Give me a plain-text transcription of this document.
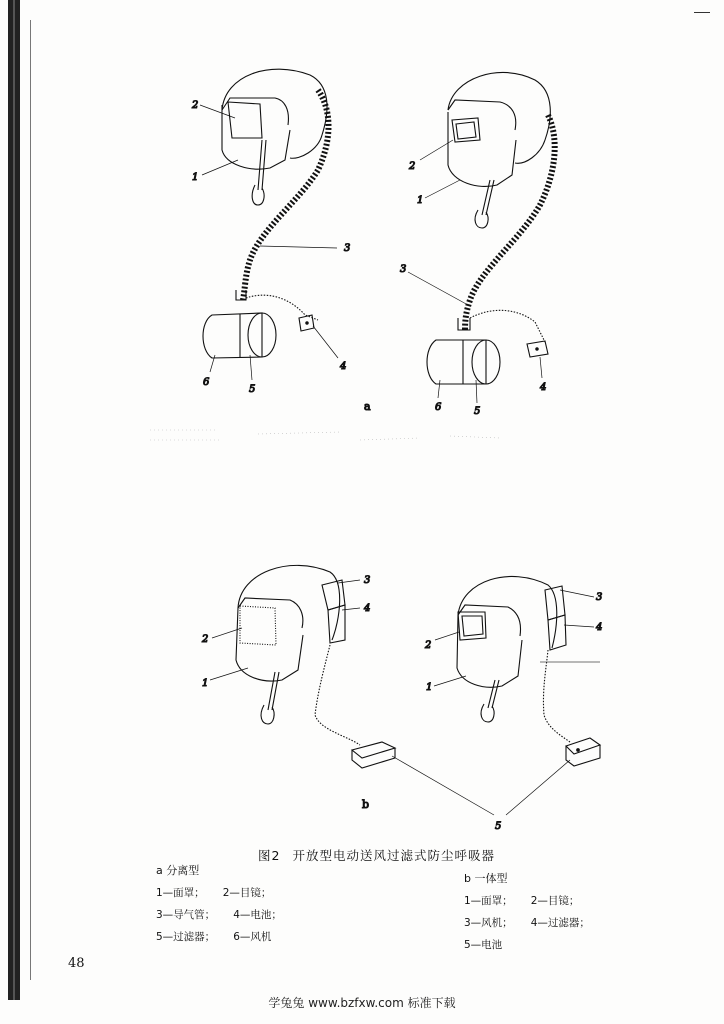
1
2
3
4
5
6
1
2
3
4
5
6
a
1
2
3
4
5
1
2
3
4
b
图2 开放型电动送风过滤式防尘呼吸器
a 分离型
1—面罩； 2—目镜；
3—导气管； 4—电池；
5—过滤器； 6—风机
b 一体型
1—面罩； 2—目镜；
3—风机； 4—过滤器；
5—电池
48
学兔兔 www.bzfxw.com 标准下载
